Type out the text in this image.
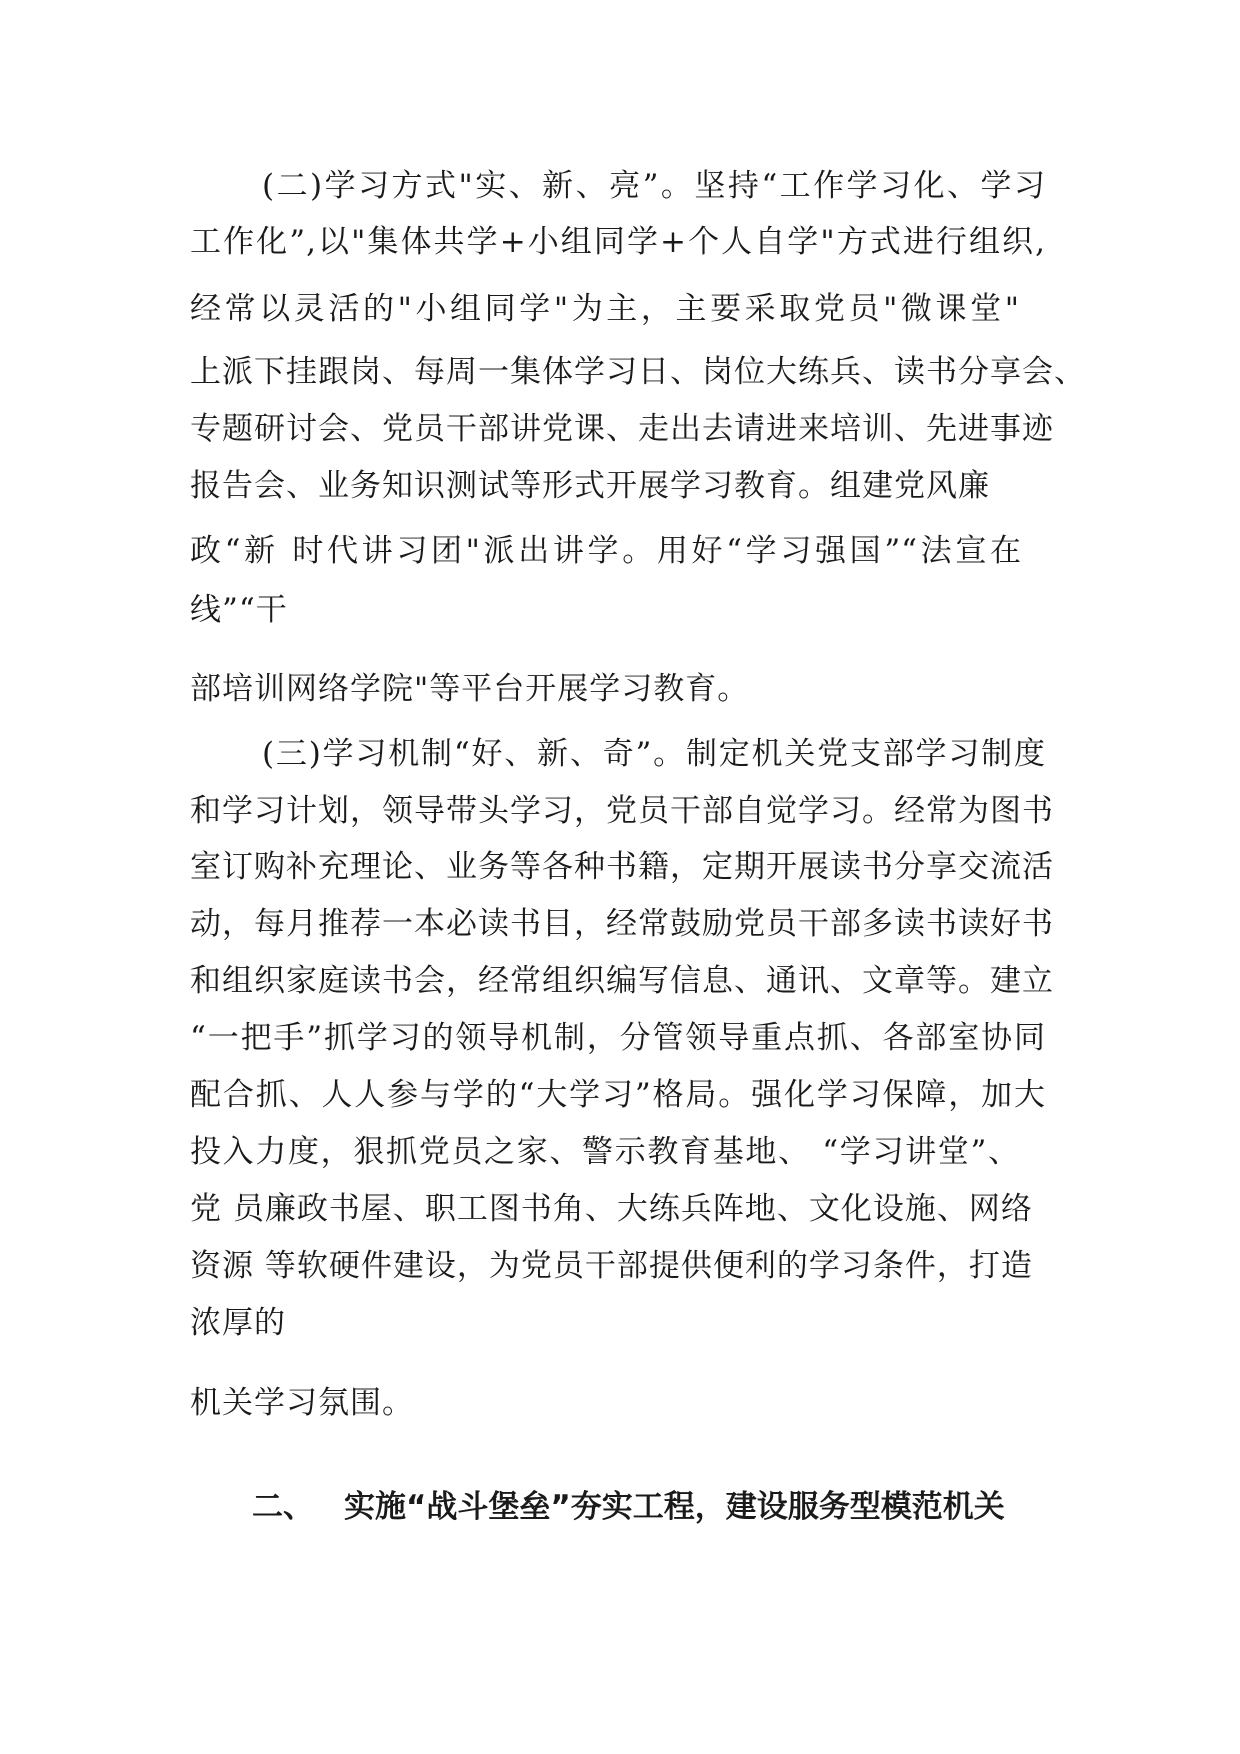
(二)学习方式"实、新、亮”。坚持“工作学习化、学习
工作化”,以"集体共学+小组同学+个人自学"方式进行组织,
经常以灵活的"小组同学"为主，主要采取党员"微课堂"
上派下挂跟岗、每周一集体学习日、岗位大练兵、读书分享会、
专题研讨会、党员干部讲党课、走出去请进来培训、先进事迹
报告会、业务知识测试等形式开展学习教育。组建党风廉
政“新 时代讲习团"派出讲学。用好“学习强国”“法宣在
线”“干
部培训网络学院"等平台开展学习教育。
(三)学习机制“好、新、奇”。制定机关党支部学习制度
和学习计划，领导带头学习，党员干部自觉学习。经常为图书
室订购补充理论、业务等各种书籍，定期开展读书分享交流活
动，每月推荐一本必读书目，经常鼓励党员干部多读书读好书
和组织家庭读书会，经常组织编写信息、通讯、文章等。建立
“一把手”抓学习的领导机制，分管领导重点抓、各部室协同
配合抓、人人参与学的“大学习”格局。强化学习保障，加大
投入力度，狠抓党员之家、警示教育基地、 “学习讲堂”、
党 员廉政书屋、职工图书角、大练兵阵地、文化设施、网络
资源 等软硬件建设，为党员干部提供便利的学习条件，打造
浓厚的
机关学习氛围。
二、 实施“战斗堡垒”夯实工程，建设服务型模范机关
